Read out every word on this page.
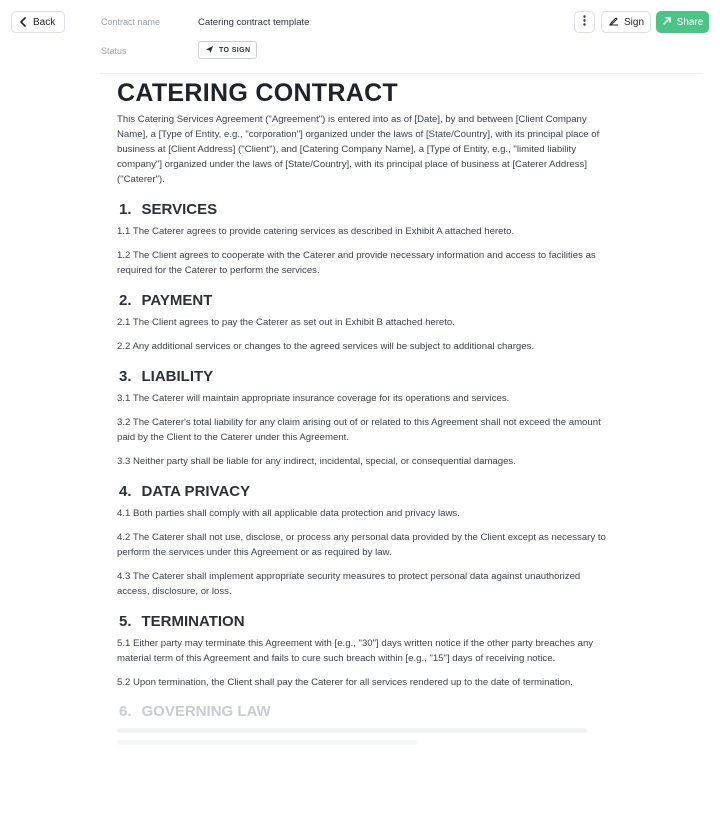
Back	Contract name	Catering contract template
Status	TO SIGN
Sign	Share
CATERING CONTRACT

This Catering Services Agreement ("Agreement") is entered into as of [Date], by and between [Client Company Name], a [Type of Entity, e.g., "corporation"] organized under the laws of [State/Country], with its principal place of business at [Client Address] ("Client"), and [Catering Company Name], a [Type of Entity, e.g., "limited liability company"] organized under the laws of [State/Country], with its principal place of business at [Caterer Address] ("Caterer").

1. SERVICES

1.1 The Caterer agrees to provide catering services as described in Exhibit A attached hereto.

1.2 The Client agrees to cooperate with the Caterer and provide necessary information and access to facilities as required for the Caterer to perform the services.

2. PAYMENT

2.1 The Client agrees to pay the Caterer as set out in Exhibit B attached hereto.

2.2 Any additional services or changes to the agreed services will be subject to additional charges.

3. LIABILITY

3.1 The Caterer will maintain appropriate insurance coverage for its operations and services.

3.2 The Caterer's total liability for any claim arising out of or related to this Agreement shall not exceed the amount paid by the Client to the Caterer under this Agreement.

3.3 Neither party shall be liable for any indirect, incidental, special, or consequential damages.

4. DATA PRIVACY

4.1 Both parties shall comply with all applicable data protection and privacy laws.

4.2 The Caterer shall not use, disclose, or process any personal data provided by the Client except as necessary to perform the services under this Agreement or as required by law.

4.3 The Caterer shall implement appropriate security measures to protect personal data against unauthorized access, disclosure, or loss.

5. TERMINATION

5.1 Either party may terminate this Agreement with [e.g., "30"] days written notice if the other party breaches any material term of this Agreement and fails to cure such breach within [e.g., "15"] days of receiving notice.

5.2 Upon termination, the Client shall pay the Caterer for all services rendered up to the date of termination.

6. GOVERNING LAW
